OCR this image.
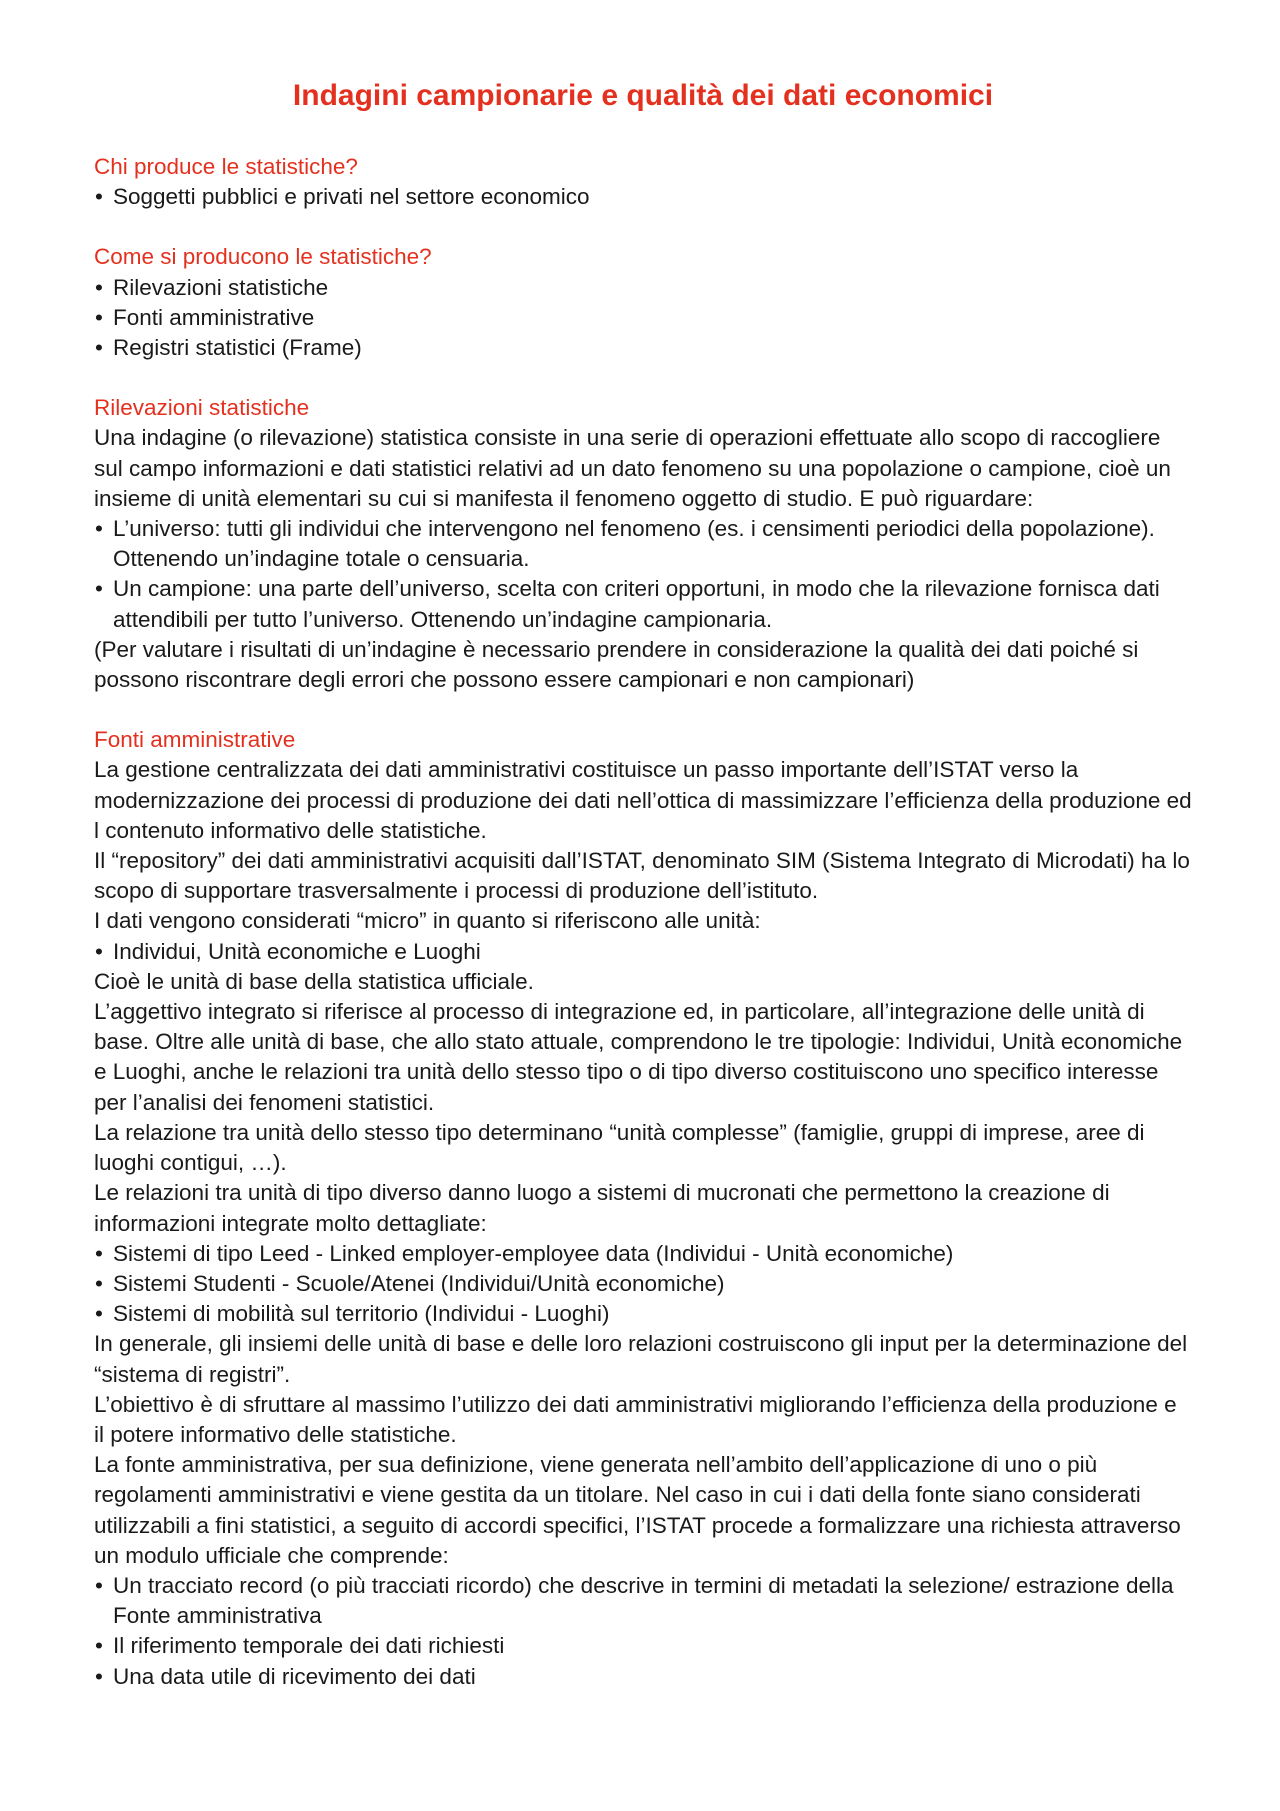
Indagini campionarie e qualità dei dati economici

Chi produce le statistiche?

• Soggetti pubblici e privati nel settore economico

Come si producono le statistiche?

• Rilevazioni statistiche
• Fonti amministrative
• Registri statistici (Frame)

Rilevazioni statistiche

Una indagine (o rilevazione) statistica consiste in una serie di operazioni effettuate allo scopo di raccogliere sul campo informazioni e dati statistici relativi ad un dato fenomeno su una popolazione o campione, cioè un insieme di unità elementari su cui si manifesta il fenomeno oggetto di studio. E può riguardare:

• L’universo: tutti gli individui che intervengono nel fenomeno (es. i censimenti periodici della popolazione). Ottenendo un’indagine totale o censuaria.
• Un campione: una parte dell’universo, scelta con criteri opportuni, in modo che la rilevazione fornisca dati attendibili per tutto l’universo. Ottenendo un’indagine campionaria.

(Per valutare i risultati di un’indagine è necessario prendere in considerazione la qualità dei dati poiché si possono riscontrare degli errori che possono essere campionari e non campionari)

Fonti amministrative

La gestione centralizzata dei dati amministrativi costituisce un passo importante dell’ISTAT verso la modernizzazione dei processi di produzione dei dati nell’ottica di massimizzare l’efficienza della produzione ed l contenuto informativo delle statistiche.

Il “repository” dei dati amministrativi acquisiti dall’ISTAT, denominato SIM (Sistema Integrato di Microdati) ha lo scopo di supportare trasversalmente i processi di produzione dell’istituto.

I dati vengono considerati “micro” in quanto si riferiscono alle unità:

• Individui, Unità economiche e Luoghi

Cioè le unità di base della statistica ufficiale.

L’aggettivo integrato si riferisce al processo di integrazione ed, in particolare, all’integrazione delle unità di base. Oltre alle unità di base, che allo stato attuale, comprendono le tre tipologie: Individui, Unità economiche e Luoghi, anche le relazioni tra unità dello stesso tipo o di tipo diverso costituiscono uno specifico interesse per l’analisi dei fenomeni statistici.

La relazione tra unità dello stesso tipo determinano “unità complesse” (famiglie, gruppi di imprese, aree di luoghi contigui, …).

Le relazioni tra unità di tipo diverso danno luogo a sistemi di mucronati che permettono la creazione di informazioni integrate molto dettagliate:

• Sistemi di tipo Leed - Linked employer-employee data (Individui - Unità economiche)
• Sistemi Studenti - Scuole/Atenei (Individui/Unità economiche)
• Sistemi di mobilità sul territorio (Individui - Luoghi)

In generale, gli insiemi delle unità di base e delle loro relazioni costruiscono gli input per la determinazione del “sistema di registri”.

L’obiettivo è di sfruttare al massimo l’utilizzo dei dati amministrativi migliorando l’efficienza della produzione e il potere informativo delle statistiche.

La fonte amministrativa, per sua definizione, viene generata nell’ambito dell’applicazione di uno o più regolamenti amministrativi e viene gestita da un titolare. Nel caso in cui i dati della fonte siano considerati utilizzabili a fini statistici, a seguito di accordi specifici, l’ISTAT procede a formalizzare una richiesta attraverso un modulo ufficiale che comprende:

• Un tracciato record (o più tracciati ricordo) che descrive in termini di metadati la selezione/ estrazione della Fonte amministrativa
• Il riferimento temporale dei dati richiesti
• Una data utile di ricevimento dei dati
